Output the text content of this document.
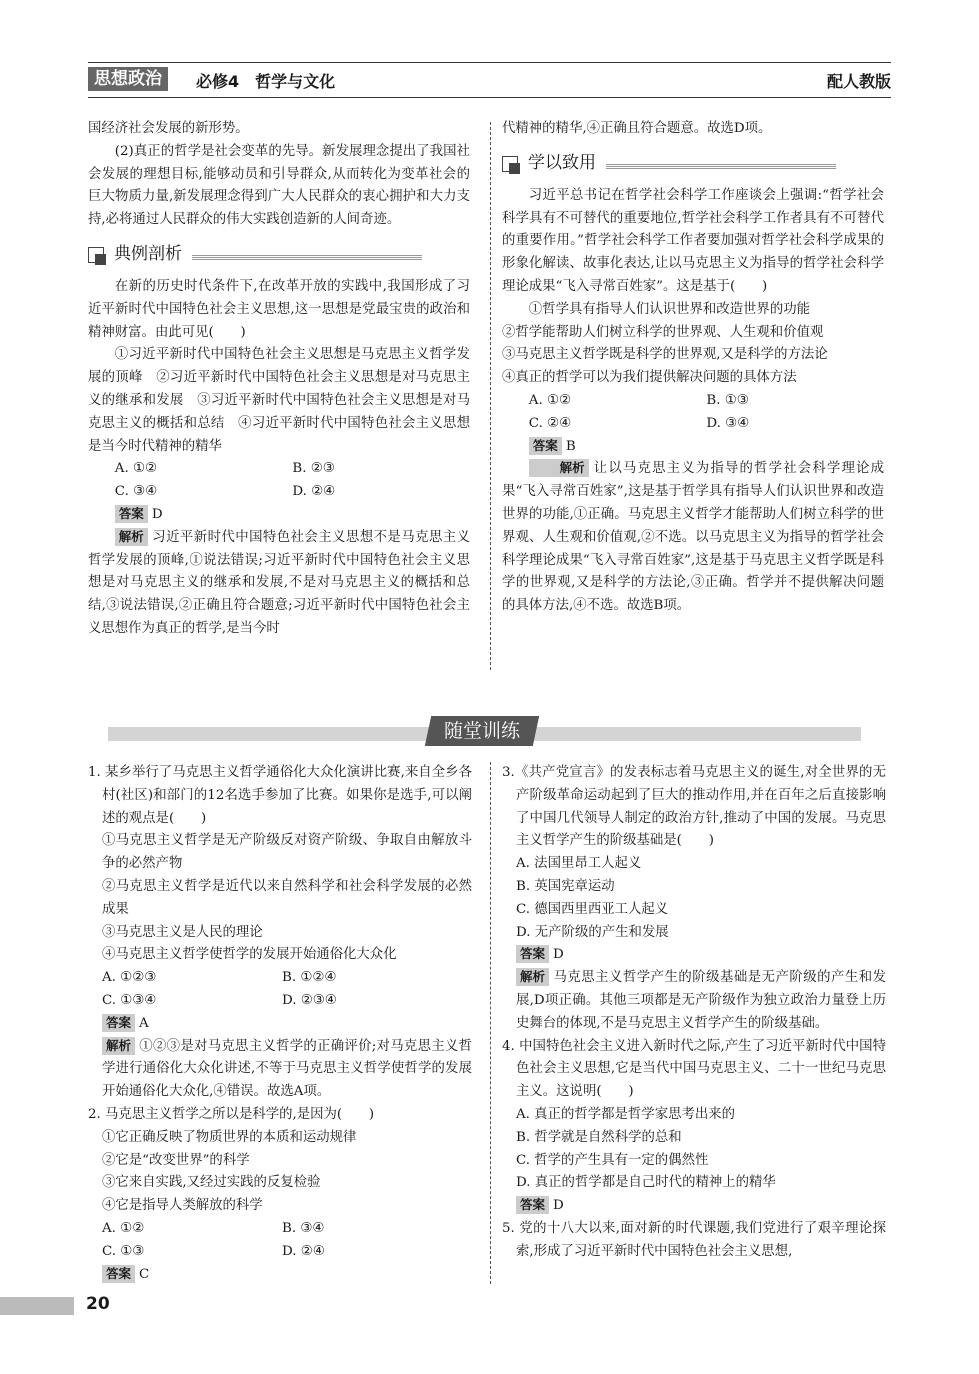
思想政治	必修4　哲学与文化	配人教版

国经济社会发展的新形势。

(2)真正的哲学是社会变革的先导。新发展理念提出了我国社会发展的理想目标,能够动员和引导群众,从而转化为变革社会的巨大物质力量,新发展理念得到广大人民群众的衷心拥护和大力支持,必将通过人民群众的伟大实践创造新的人间奇迹。

典例剖析

在新的历史时代条件下,在改革开放的实践中,我国形成了习近平新时代中国特色社会主义思想,这一思想是党最宝贵的政治和精神财富。由此可见(　　)

①习近平新时代中国特色社会主义思想是马克思主义哲学发展的顶峰　②习近平新时代中国特色社会主义思想是对马克思主义的继承和发展　③习近平新时代中国特色社会主义思想是对马克思主义的概括和总结　④习近平新时代中国特色社会主义思想是当今时代精神的精华

A. ①②	B. ②③
C. ③④	D. ②④

答案 D

解析 习近平新时代中国特色社会主义思想不是马克思主义哲学发展的顶峰,①说法错误;习近平新时代中国特色社会主义思想是对马克思主义的继承和发展,不是对马克思主义的概括和总结,③说法错误,②正确且符合题意;习近平新时代中国特色社会主义思想作为真正的哲学,是当今时

代精神的精华,④正确且符合题意。故选D项。

学以致用

习近平总书记在哲学社会科学工作座谈会上强调:“哲学社会科学具有不可替代的重要地位,哲学社会科学工作者具有不可替代的重要作用。”哲学社会科学工作者要加强对哲学社会科学成果的形象化解读、故事化表达,让以马克思主义为指导的哲学社会科学理论成果“飞入寻常百姓家”。这是基于(　　)

①哲学具有指导人们认识世界和改造世界的功能

②哲学能帮助人们树立科学的世界观、人生观和价值观

③马克思主义哲学既是科学的世界观,又是科学的方法论

④真正的哲学可以为我们提供解决问题的具体方法

A. ①②	B. ①③
C. ②④	D. ③④

答案 B

解析 让以马克思主义为指导的哲学社会科学理论成果“飞入寻常百姓家”,这是基于哲学具有指导人们认识世界和改造世界的功能,①正确。马克思主义哲学才能帮助人们树立科学的世界观、人生观和价值观,②不选。以马克思主义为指导的哲学社会科学理论成果“飞入寻常百姓家”,这是基于马克思主义哲学既是科学的世界观,又是科学的方法论,③正确。哲学并不提供解决问题的具体方法,④不选。故选B项。

随堂训练

1. 某乡举行了马克思主义哲学通俗化大众化演讲比赛,来自全乡各村(社区)和部门的12名选手参加了比赛。如果你是选手,可以阐述的观点是(　　)

①马克思主义哲学是无产阶级反对资产阶级、争取自由解放斗争的必然产物

②马克思主义哲学是近代以来自然科学和社会科学发展的必然成果

③马克思主义是人民的理论

④马克思主义哲学使哲学的发展开始通俗化大众化

A. ①②③	B. ①②④
C. ①③④	D. ②③④

答案 A

解析 ①②③是对马克思主义哲学的正确评价;对马克思主义哲学进行通俗化大众化讲述,不等于马克思主义哲学使哲学的发展开始通俗化大众化,④错误。故选A项。

2. 马克思主义哲学之所以是科学的,是因为(　　)

①它正确反映了物质世界的本质和运动规律

②它是“改变世界”的科学

③它来自实践,又经过实践的反复检验

④它是指导人类解放的科学

A. ①②	B. ③④
C. ①③	D. ②④

答案 C

3.《共产党宣言》的发表标志着马克思主义的诞生,对全世界的无产阶级革命运动起到了巨大的推动作用,并在百年之后直接影响了中国几代领导人制定的政治方针,推动了中国的发展。马克思主义哲学产生的阶级基础是(　　)

A. 法国里昂工人起义

B. 英国宪章运动

C. 德国西里西亚工人起义

D. 无产阶级的产生和发展

答案 D

解析 马克思主义哲学产生的阶级基础是无产阶级的产生和发展,D项正确。其他三项都是无产阶级作为独立政治力量登上历史舞台的体现,不是马克思主义哲学产生的阶级基础。

4. 中国特色社会主义进入新时代之际,产生了习近平新时代中国特色社会主义思想,它是当代中国马克思主义、二十一世纪马克思主义。这说明(　　)

A. 真正的哲学都是哲学家思考出来的

B. 哲学就是自然科学的总和

C. 哲学的产生具有一定的偶然性

D. 真正的哲学都是自己时代的精神上的精华

答案 D

5. 党的十八大以来,面对新的时代课题,我们党进行了艰辛理论探索,形成了习近平新时代中国特色社会主义思想,

20
